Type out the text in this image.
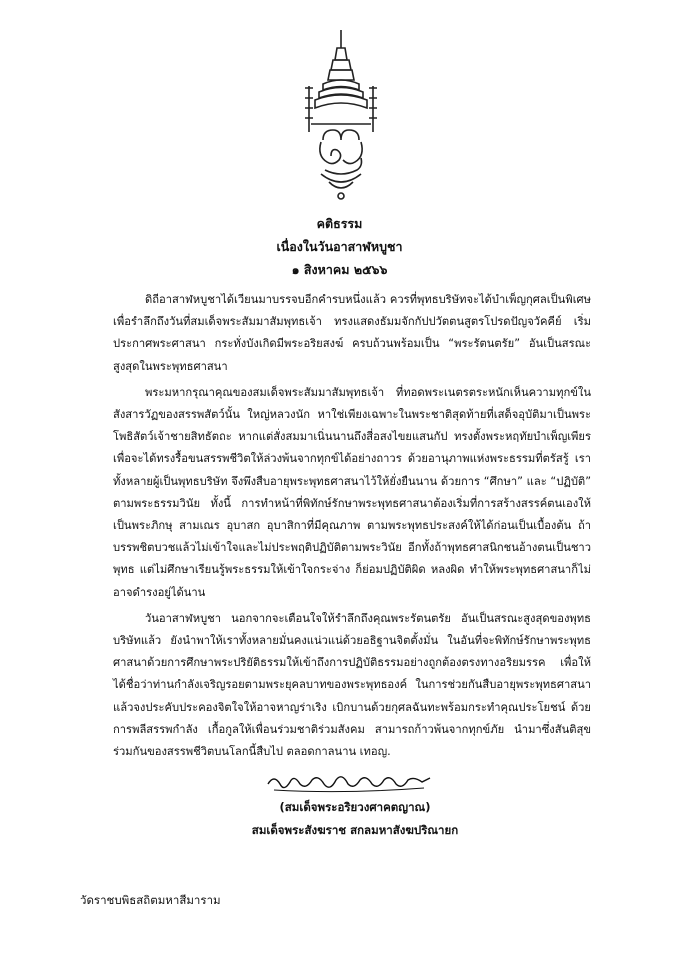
คติธรรม
เนื่องในวันอาสาฬหบูชา
๑ สิงหาคม ๒๕๖๖

ดิถีอาสาฬหบูชาได้เวียนมาบรรจบอีกคำรบหนึ่งแล้ว ควรที่พุทธบริษัทจะได้บำเพ็ญกุศลเป็นพิเศษ เพื่อรำลึกถึงวันที่สมเด็จพระสัมมาสัมพุทธเจ้า ทรงแสดงธัมมจักกัปปวัตตนสูตรโปรดปัญจวัคคีย์ เริ่มประกาศพระศาสนา กระทั่งบังเกิดมีพระอริยสงฆ์ ครบถ้วนพร้อมเป็น “พระรัตนตรัย” อันเป็นสรณะสูงสุดในพระพุทธศาสนา

พระมหากรุณาคุณของสมเด็จพระสัมมาสัมพุทธเจ้า ที่ทอดพระเนตรตระหนักเห็นความทุกข์ในสังสารวัฏของสรรพสัตว์นั้น ใหญ่หลวงนัก หาใช่เพียงเฉพาะในพระชาติสุดท้ายที่เสด็จอุบัติมาเป็นพระโพธิสัตว์เจ้าชายสิทธัตถะ หากแต่สั่งสมมาเนิ่นนานถึงสี่อสงไขยแสนกัป ทรงตั้งพระหฤทัยบำเพ็ญเพียร เพื่อจะได้ทรงรื้อขนสรรพชีวิตให้ล่วงพ้นจากทุกข์ได้อย่างถาวร ด้วยอานุภาพแห่งพระธรรมที่ตรัสรู้ เราทั้งหลายผู้เป็นพุทธบริษัท จึงพึงสืบอายุพระพุทธศาสนาไว้ให้ยั่งยืนนาน ด้วยการ “ศึกษา” และ “ปฏิบัติ” ตามพระธรรมวินัย ทั้งนี้ การทำหน้าที่พิทักษ์รักษาพระพุทธศาสนาต้องเริ่มที่การสร้างสรรค์ตนเองให้เป็นพระภิกษุ สามเณร อุบาสก อุบาสิกาที่มีคุณภาพ ตามพระพุทธประสงค์ให้ได้ก่อนเป็นเบื้องต้น ถ้าบรรพชิตบวชแล้วไม่เข้าใจและไม่ประพฤติปฏิบัติตามพระวินัย อีกทั้งถ้าพุทธศาสนิกชนอ้างตนเป็นชาวพุทธ แต่ไม่ศึกษาเรียนรู้พระธรรมให้เข้าใจกระจ่าง ก็ย่อมปฏิบัติผิด หลงผิด ทำให้พระพุทธศาสนาก็ไม่อาจดำรงอยู่ได้นาน

วันอาสาฬหบูชา นอกจากจะเตือนใจให้รำลึกถึงคุณพระรัตนตรัย อันเป็นสรณะสูงสุดของพุทธบริษัทแล้ว ยังนำพาให้เราทั้งหลายมั่นคงแน่วแน่ด้วยอธิฐานจิตตั้งมั่น ในอันที่จะพิทักษ์รักษาพระพุทธศาสนาด้วยการศึกษาพระปริยัติธรรมให้เข้าถึงการปฏิบัติธรรมอย่างถูกต้องตรงทางอริยมรรค เพื่อให้ได้ชื่อว่าท่านกำลังเจริญรอยตามพระยุคลบาทของพระพุทธองค์ ในการช่วยกันสืบอายุพระพุทธศาสนา แล้วจงประคับประคองจิตใจให้อาจหาญร่าเริง เบิกบานด้วยกุศลฉันทะพร้อมกระทำคุณประโยชน์ ด้วยการพลีสรรพกำลัง เกื้อกูลให้เพื่อนร่วมชาติร่วมสังคม สามารถก้าวพ้นจากทุกข์ภัย นำมาซึ่งสันติสุขร่วมกันของสรรพชีวิตบนโลกนี้สืบไป ตลอดกาลนาน เทอญ.

(สมเด็จพระอริยวงศาคตญาณ)
สมเด็จพระสังฆราช สกลมหาสังฆปริณายก
วัดราชบพิธสถิตมหาสีมาราม
